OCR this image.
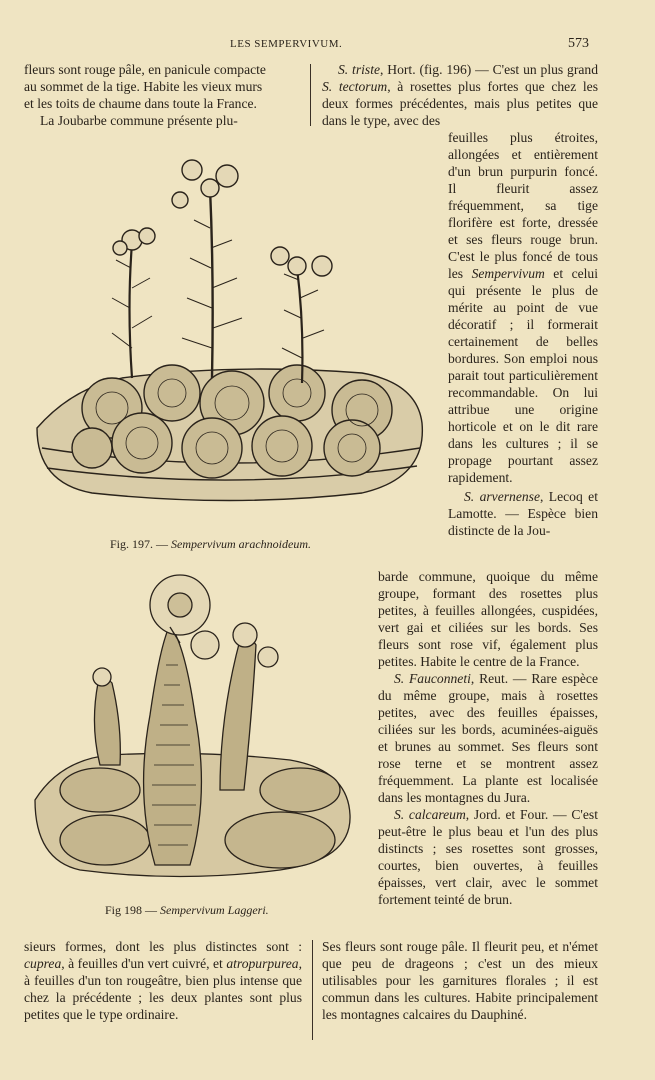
LES SEMPERVIVUM.	573

fleurs sont rouge pâle, en panicule compacte

au sommet de la tige. Habite les vieux murs

et les toits de chaume dans toute la France.

La Joubarbe commune présente plu-

Fig. 197. — Sempervivum arachnoideum.

S. triste, Hort. (fig. 196) — C'est un plus grand S. tectorum, à rosettes plus fortes que chez les deux formes précédentes, mais plus petites que dans le type, avec des

feuilles plus étroites, allongées et entièrement d'un brun purpurin foncé. Il fleurit assez fréquemment, sa tige florifère est forte, dressée et ses fleurs rouge brun. C'est le plus foncé de tous les Sempervivum et celui qui présente le plus de mérite au point de vue décoratif ; il formerait certainement de belles bordures. Son emploi nous parait tout particulièrement recommandable. On lui attribue une origine horticole et on le dit rare dans les cultures ; il se propage pourtant assez rapidement.

S. arvernense, Lecoq et Lamotte. — Espèce bien distincte de la Jou-

barde commune, quoique du même groupe, formant des rosettes plus petites, à feuilles allongées, cuspidées, vert gai et ciliées sur les bords. Ses fleurs sont rose vif, également plus petites. Habite le centre de la France.

S. Fauconneti, Reut. — Rare espèce du même groupe, mais à rosettes petites, avec des feuilles épaisses, ciliées sur les bords, acuminées-aiguës et brunes au sommet. Ses fleurs sont rose terne et se montrent assez fréquemment. La plante est localisée dans les montagnes du Jura.

S. calcareum, Jord. et Four. — C'est peut-être le plus beau et l'un des plus distincts ; ses rosettes sont grosses, courtes, bien ouvertes, à feuilles épaisses, vert clair, avec le sommet fortement teinté de brun.

Fig 198 — Sempervivum Laggeri.

sieurs formes, dont les plus distinctes sont : cuprea, à feuilles d'un vert cuivré, et atropurpurea, à feuilles d'un ton rougeâtre, bien plus intense que chez la précédente ; les deux plantes sont plus petites que le type ordinaire.

Ses fleurs sont rouge pâle. Il fleurit peu, et n'émet que peu de drageons ; c'est un des mieux utilisables pour les garnitures florales ; il est commun dans les cultures. Habite principalement les montagnes calcaires du Dauphiné.
